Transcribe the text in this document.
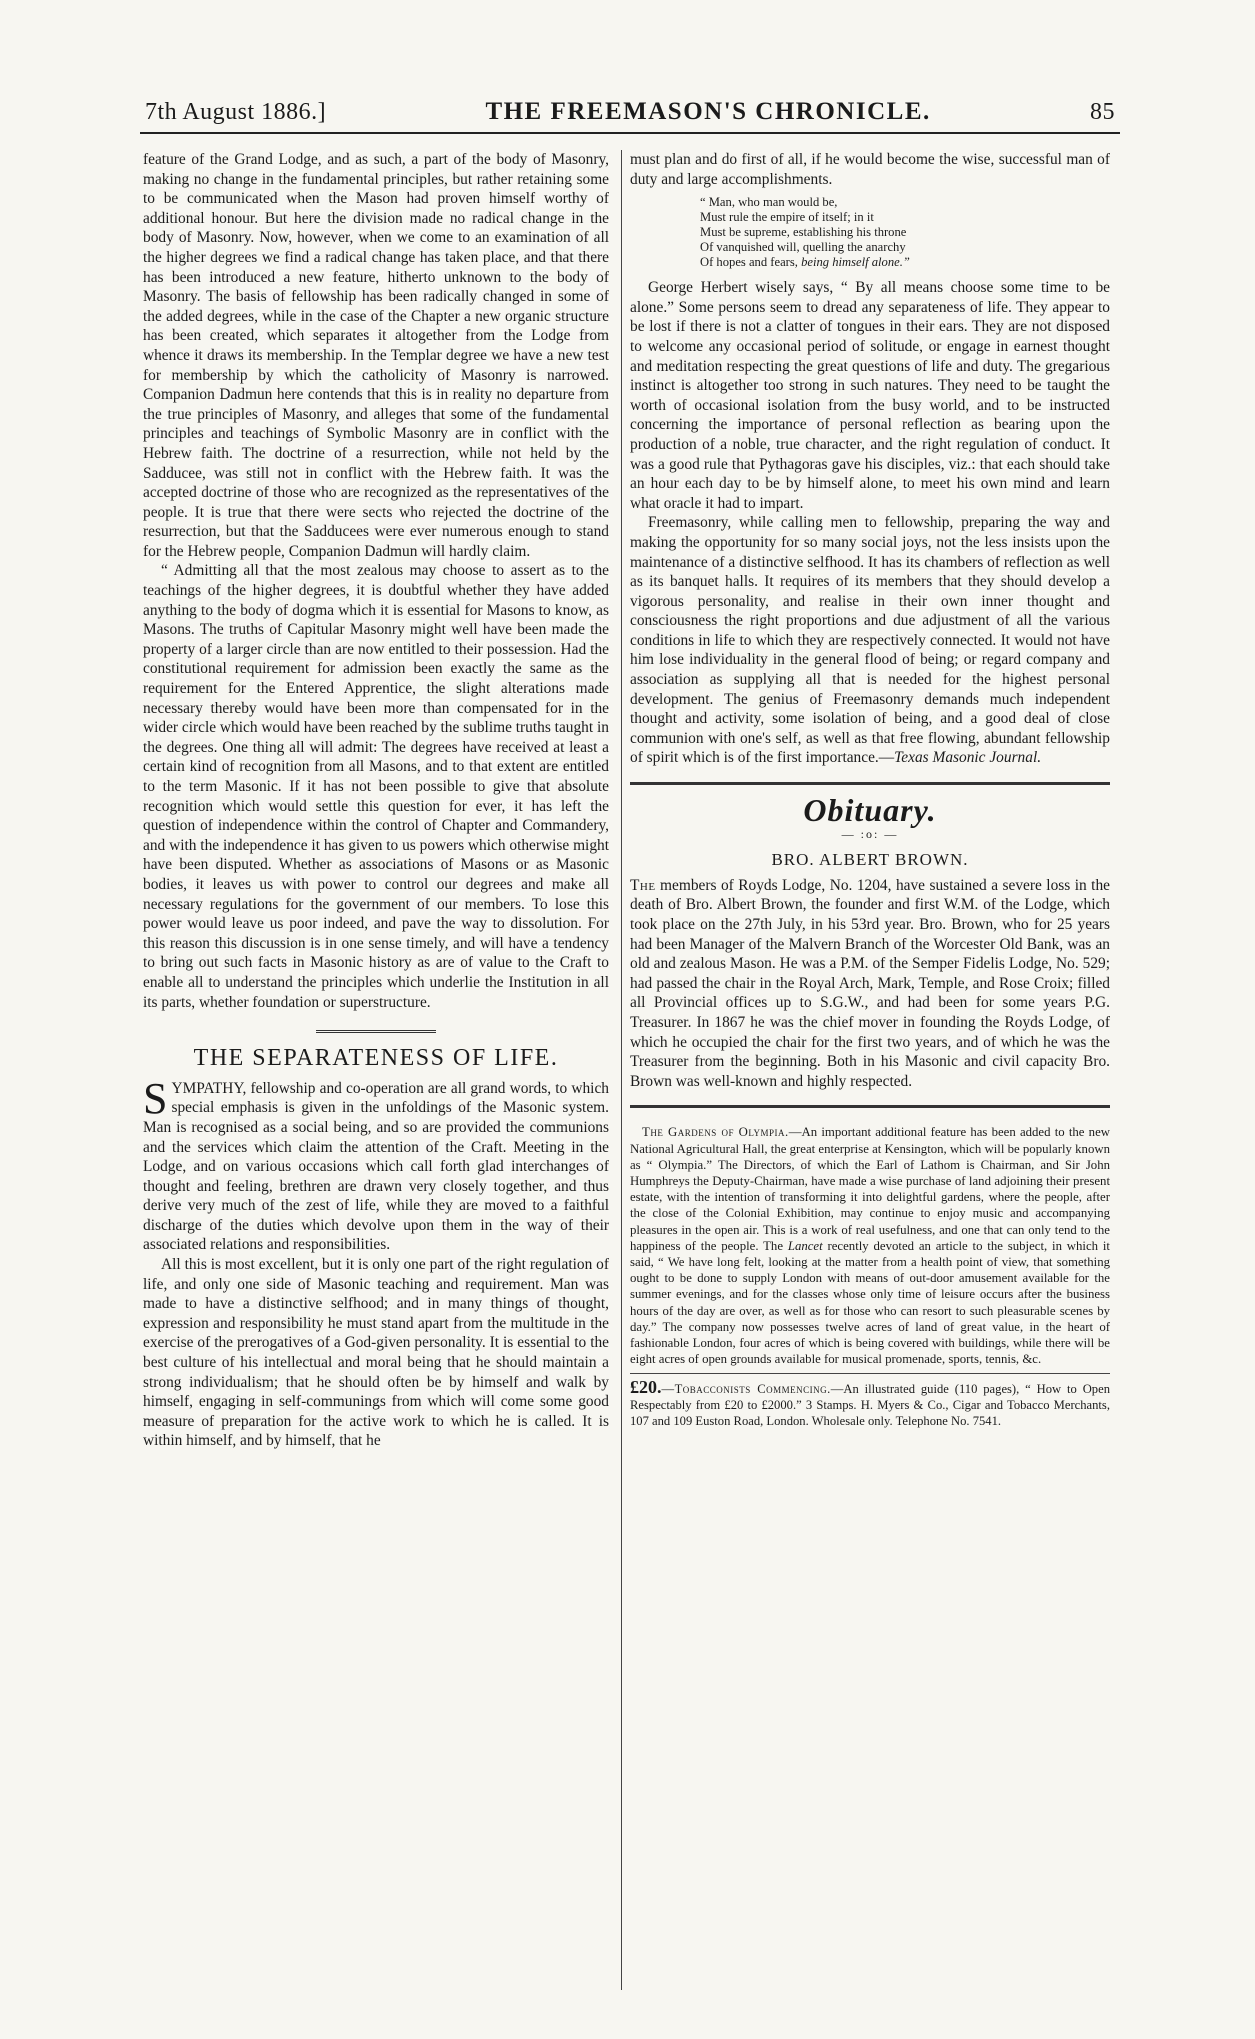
7th August 1886.]	THE FREEMASON'S CHRONICLE.	85

feature of the Grand Lodge, and as such, a part of the body of Masonry, making no change in the fundamental principles, but rather retaining some to be communicated when the Mason had proven himself worthy of additional honour. But here the division made no radical change in the body of Masonry. Now, however, when we come to an examination of all the higher degrees we find a radical change has taken place, and that there has been introduced a new feature, hitherto unknown to the body of Masonry. The basis of fellowship has been radically changed in some of the added degrees, while in the case of the Chapter a new organic structure has been created, which separates it altogether from the Lodge from whence it draws its membership. In the Templar degree we have a new test for membership by which the catholicity of Masonry is narrowed. Companion Dadmun here contends that this is in reality no departure from the true principles of Masonry, and alleges that some of the fundamental principles and teachings of Symbolic Masonry are in conflict with the Hebrew faith. The doctrine of a resurrection, while not held by the Sadducee, was still not in conflict with the Hebrew faith. It was the accepted doctrine of those who are recognized as the representatives of the people. It is true that there were sects who rejected the doctrine of the resurrection, but that the Sadducees were ever numerous enough to stand for the Hebrew people, Companion Dadmun will hardly claim.

“ Admitting all that the most zealous may choose to assert as to the teachings of the higher degrees, it is doubtful whether they have added anything to the body of dogma which it is essential for Masons to know, as Masons. The truths of Capitular Masonry might well have been made the property of a larger circle than are now entitled to their possession. Had the constitutional requirement for admission been exactly the same as the requirement for the Entered Apprentice, the slight alterations made necessary thereby would have been more than compensated for in the wider circle which would have been reached by the sublime truths taught in the degrees. One thing all will admit: The degrees have received at least a certain kind of recognition from all Masons, and to that extent are entitled to the term Masonic. If it has not been possible to give that absolute recognition which would settle this question for ever, it has left the question of independence within the control of Chapter and Commandery, and with the independence it has given to us powers which otherwise might have been disputed. Whether as associations of Masons or as Masonic bodies, it leaves us with power to control our degrees and make all necessary regulations for the government of our members. To lose this power would leave us poor indeed, and pave the way to dissolution. For this reason this discussion is in one sense timely, and will have a tendency to bring out such facts in Masonic history as are of value to the Craft to enable all to understand the principles which underlie the Institution in all its parts, whether foundation or superstructure.

THE SEPARATENESS OF LIFE.

SYMPATHY, fellowship and co-operation are all grand words, to which special emphasis is given in the unfoldings of the Masonic system. Man is recognised as a social being, and so are provided the communions and the services which claim the attention of the Craft. Meeting in the Lodge, and on various occasions which call forth glad interchanges of thought and feeling, brethren are drawn very closely together, and thus derive very much of the zest of life, while they are moved to a faithful discharge of the duties which devolve upon them in the way of their associated relations and responsibilities.

All this is most excellent, but it is only one part of the right regulation of life, and only one side of Masonic teaching and requirement. Man was made to have a distinctive selfhood; and in many things of thought, expression and responsibility he must stand apart from the multitude in the exercise of the prerogatives of a God-given personality. It is essential to the best culture of his intellectual and moral being that he should maintain a strong individualism; that he should often be by himself and walk by himself, engaging in self-communings from which will come some good measure of preparation for the active work to which he is called. It is within himself, and by himself, that he

must plan and do first of all, if he would become the wise, successful man of duty and large accomplishments.

“ Man, who man would be,
Must rule the empire of itself; in it
Must be supreme, establishing his throne
Of vanquished will, quelling the anarchy
Of hopes and fears, being himself alone.”

George Herbert wisely says, “ By all means choose some time to be alone.” Some persons seem to dread any separateness of life. They appear to be lost if there is not a clatter of tongues in their ears. They are not disposed to welcome any occasional period of solitude, or engage in earnest thought and meditation respecting the great questions of life and duty. The gregarious instinct is altogether too strong in such natures. They need to be taught the worth of occasional isolation from the busy world, and to be instructed concerning the importance of personal reflection as bearing upon the production of a noble, true character, and the right regulation of conduct. It was a good rule that Pythagoras gave his disciples, viz.: that each should take an hour each day to be by himself alone, to meet his own mind and learn what oracle it had to impart.

Freemasonry, while calling men to fellowship, preparing the way and making the opportunity for so many social joys, not the less insists upon the maintenance of a distinctive selfhood. It has its chambers of reflection as well as its banquet halls. It requires of its members that they should develop a vigorous personality, and realise in their own inner thought and consciousness the right proportions and due adjustment of all the various conditions in life to which they are respectively connected. It would not have him lose individuality in the general flood of being; or regard company and association as supplying all that is needed for the highest personal development. The genius of Freemasonry demands much independent thought and activity, some isolation of being, and a good deal of close communion with one's self, as well as that free flowing, abundant fellowship of spirit which is of the first importance.—Texas Masonic Journal.

Obituary.
— :o: —
BRO. ALBERT BROWN.

The members of Royds Lodge, No. 1204, have sustained a severe loss in the death of Bro. Albert Brown, the founder and first W.M. of the Lodge, which took place on the 27th July, in his 53rd year. Bro. Brown, who for 25 years had been Manager of the Malvern Branch of the Worcester Old Bank, was an old and zealous Mason. He was a P.M. of the Semper Fidelis Lodge, No. 529; had passed the chair in the Royal Arch, Mark, Temple, and Rose Croix; filled all Provincial offices up to S.G.W., and had been for some years P.G. Treasurer. In 1867 he was the chief mover in founding the Royds Lodge, of which he occupied the chair for the first two years, and of which he was the Treasurer from the beginning. Both in his Masonic and civil capacity Bro. Brown was well-known and highly respected.

The Gardens of Olympia.—An important additional feature has been added to the new National Agricultural Hall, the great enterprise at Kensington, which will be popularly known as “ Olympia.” The Directors, of which the Earl of Lathom is Chairman, and Sir John Humphreys the Deputy-Chairman, have made a wise purchase of land adjoining their present estate, with the intention of transforming it into delightful gardens, where the people, after the close of the Colonial Exhibition, may continue to enjoy music and accompanying pleasures in the open air. This is a work of real usefulness, and one that can only tend to the happiness of the people. The Lancet recently devoted an article to the subject, in which it said, “ We have long felt, looking at the matter from a health point of view, that something ought to be done to supply London with means of out-door amusement available for the summer evenings, and for the classes whose only time of leisure occurs after the business hours of the day are over, as well as for those who can resort to such pleasurable scenes by day.” The company now possesses twelve acres of land of great value, in the heart of fashionable London, four acres of which is being covered with buildings, while there will be eight acres of open grounds available for musical promenade, sports, tennis, &c.

£20.—Tobacconists Commencing.—An illustrated guide (110 pages), “ How to Open Respectably from £20 to £2000.” 3 Stamps. H. Myers & Co., Cigar and Tobacco Merchants, 107 and 109 Euston Road, London. Wholesale only. Telephone No. 7541.
